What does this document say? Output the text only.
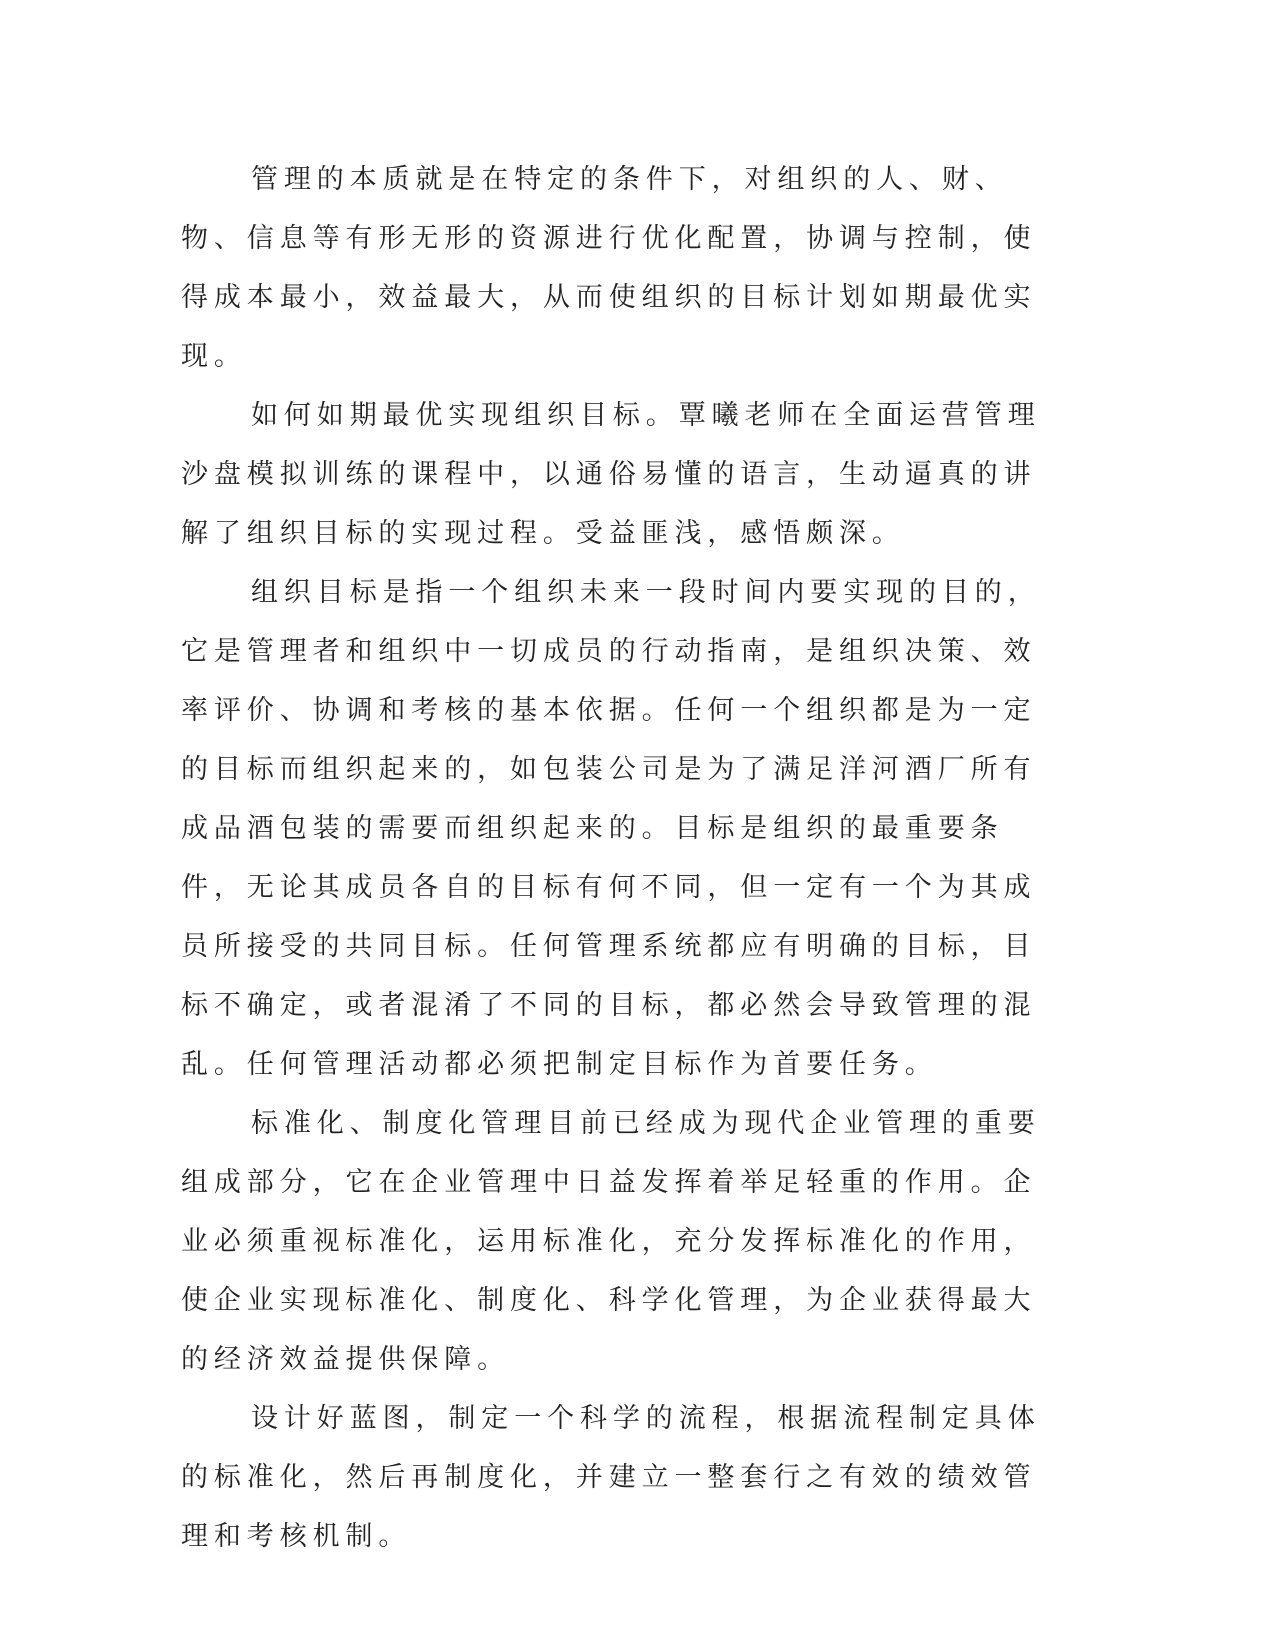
管理的本质就是在特定的条件下，对组织的人、财、物、信息等有形无形的资源进行优化配置，协调与控制，使得成本最小，效益最大，从而使组织的目标计划如期最优实现。

如何如期最优实现组织目标。覃曦老师在全面运营管理沙盘模拟训练的课程中，以通俗易懂的语言，生动逼真的讲解了组织目标的实现过程。受益匪浅，感悟颇深。

组织目标是指一个组织未来一段时间内要实现的目的，它是管理者和组织中一切成员的行动指南，是组织决策、效率评价、协调和考核的基本依据。任何一个组织都是为一定的目标而组织起来的，如包装公司是为了满足洋河酒厂所有成品酒包装的需要而组织起来的。目标是组织的最重要条件，无论其成员各自的目标有何不同，但一定有一个为其成员所接受的共同目标。任何管理系统都应有明确的目标，目标不确定，或者混淆了不同的目标，都必然会导致管理的混乱。任何管理活动都必须把制定目标作为首要任务。

标准化、制度化管理目前已经成为现代企业管理的重要组成部分，它在企业管理中日益发挥着举足轻重的作用。企业必须重视标准化，运用标准化，充分发挥标准化的作用，使企业实现标准化、制度化、科学化管理，为企业获得最大的经济效益提供保障。

设计好蓝图，制定一个科学的流程，根据流程制定具体的标准化，然后再制度化，并建立一整套行之有效的绩效管理和考核机制。
